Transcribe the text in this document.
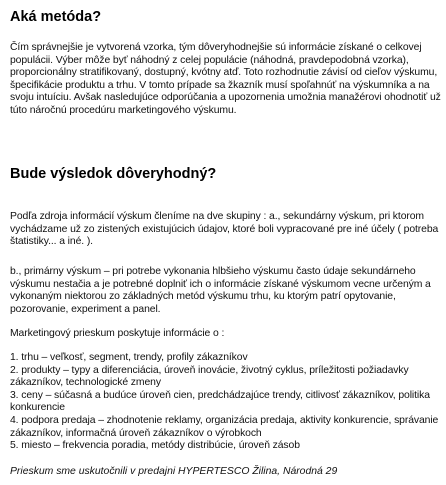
Aká metóda?

Čím správnejšie je vytvorená vzorka, tým dôveryhodnejšie sú informácie získané o celkovej populácii. Výber môže byť náhodný z celej populácie (náhodná, pravdepodobná vzorka), proporcionálny stratifikovaný, dostupný, kvótny atď. Toto rozhodnutie závisí od cieľov výskumu, špecifikácie produktu a trhu. V tomto prípade sa žkazník musí spoľahnúť na výskumníka a na svoju intuíciu. Avšak nasledujúce odporúčania a upozornenia umožnia manažérovi ohodnotiť už túto náročnú procedúru marketingového výskumu.

Bude výsledok dôveryhodný?

Podľa zdroja informácií výskum členíme na dve skupiny : a., sekundárny výskum, pri ktorom vychádzame už zo zistených existujúcich údajov, ktoré boli vypracované pre iné účely ( potreba štatistiky... a iné. ).

b., primárny výskum – pri potrebe vykonania hlbšieho výskumu často údaje sekundárneho výskumu nestačia a je potrebné doplniť ich o informácie získané výskumom vecne určeným a vykonaným niektorou zo základných metód výskumu trhu, ku ktorým patrí opytovanie, pozorovanie, experiment a panel.

Marketingový prieskum poskytuje informácie o :

1. trhu – veľkosť, segment, trendy, profily zákazníkov
2. produkty – typy a diferenciácia, úroveň inovácie, životný cyklus, príležitosti požiadavky zákazníkov, technologické zmeny
3. ceny – súčasná a budúce úroveň cien, predchádzajúce trendy, citlivosť zákazníkov, politika konkurencie
4. podpora predaja – zhodnotenie reklamy, organizácia predaja, aktivity konkurencie, správanie zákazníkov, informačná úroveň zákazníkov o výrobkoch
5. miesto – frekvencia poradia, metódy distribúcie, úroveň zásob

Prieskum sme uskutočnili v predajni HYPERTESCO Žilina, Národná 29
